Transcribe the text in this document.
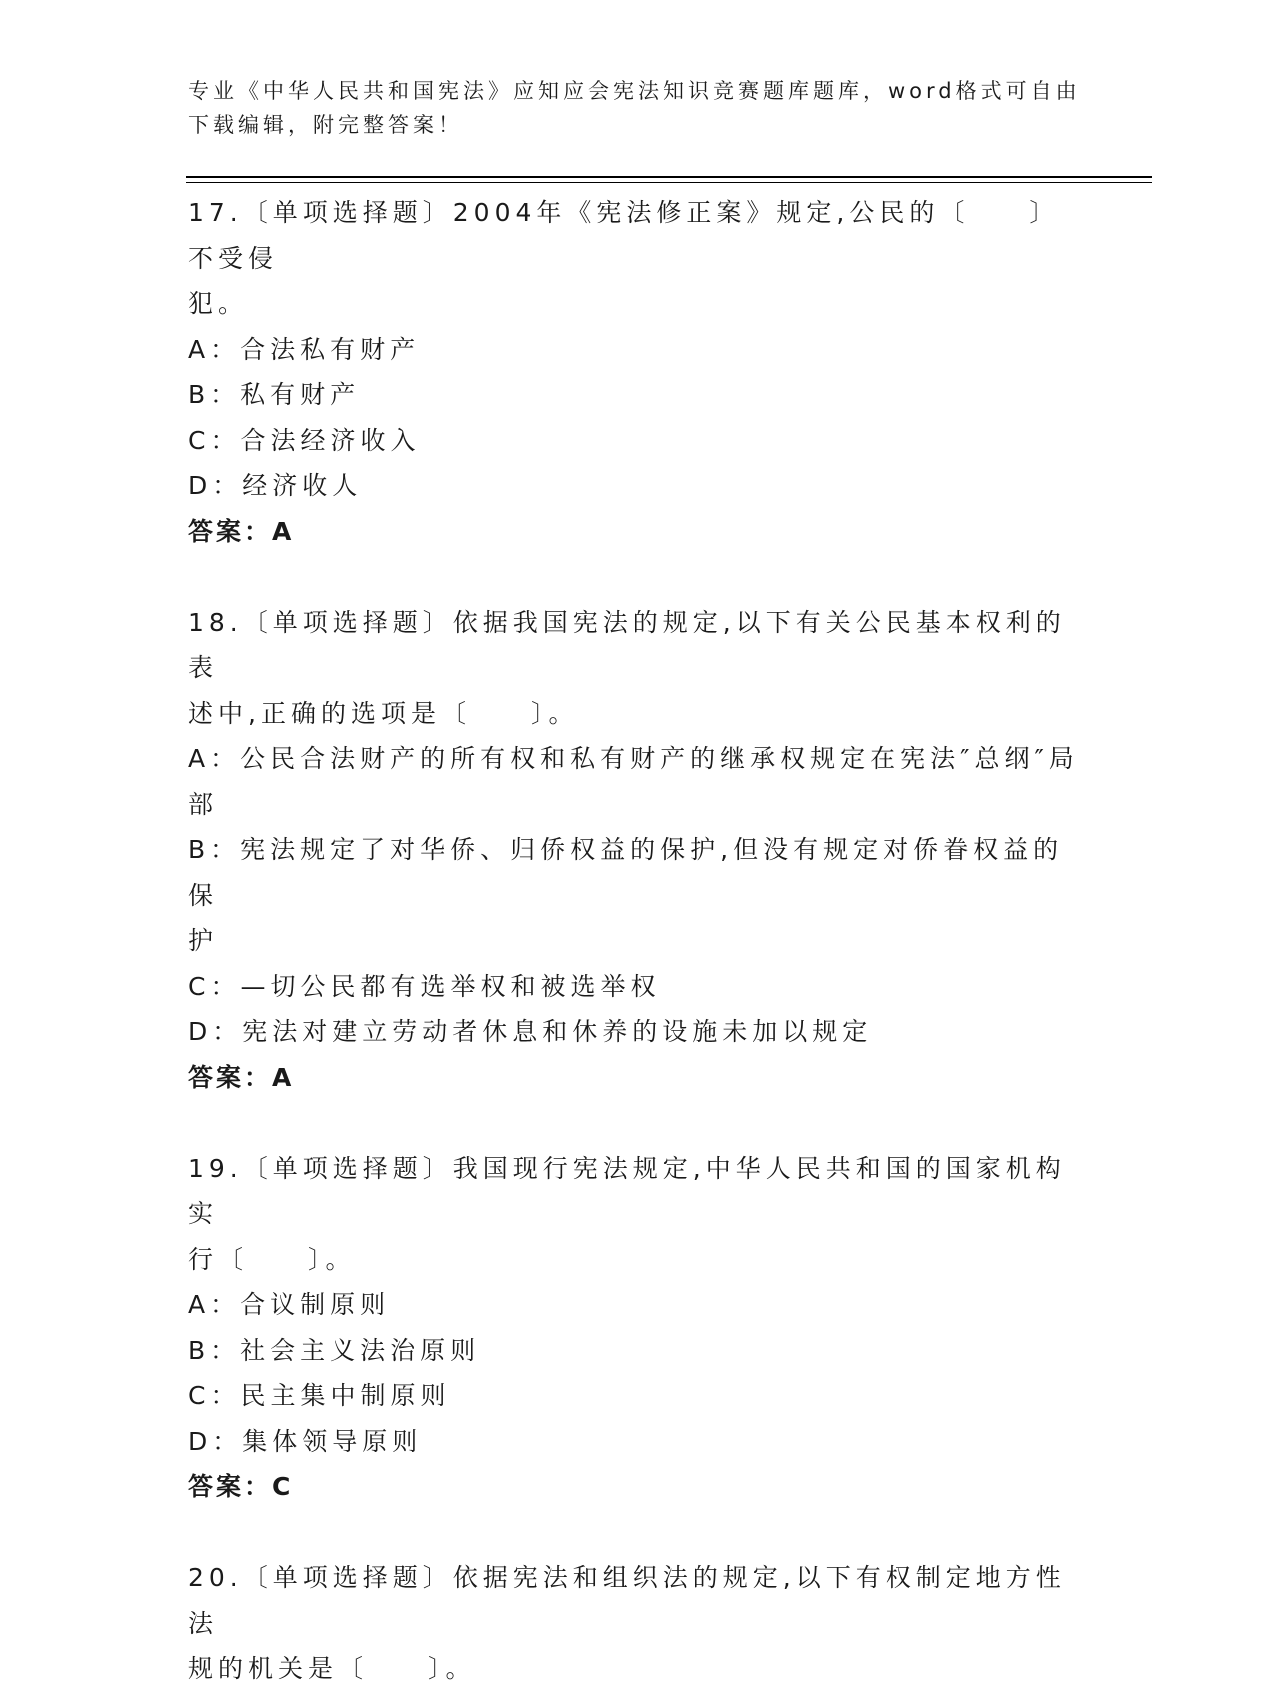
专业《中华人民共和国宪法》应知应会宪法知识竞赛题库题库，word格式可自由
下载编辑，附完整答案！
17.〔单项选择题〕2004年《宪法修正案》规定,公民的〔　　〕不受侵
犯。
A：合法私有财产
B：私有财产
C：合法经济收入
D：经济收人
答案：A
18.〔单项选择题〕依据我国宪法的规定,以下有关公民基本权利的表
述中,正确的选项是〔　　〕。
A：公民合法财产的所有权和私有财产的继承权规定在宪法″总纲″局
部
B：宪法规定了对华侨、归侨权益的保护,但没有规定对侨眷权益的保
护
C：—切公民都有选举权和被选举权
D：宪法对建立劳动者休息和休养的设施未加以规定
答案：A
19.〔单项选择题〕我国现行宪法规定,中华人民共和国的国家机构实
行〔　　〕。
A：合议制原则
B：社会主义法治原则
C：民主集中制原则
D：集体领导原则
答案：C
20.〔单项选择题〕依据宪法和组织法的规定,以下有权制定地方性法
规的机关是〔　　〕。
